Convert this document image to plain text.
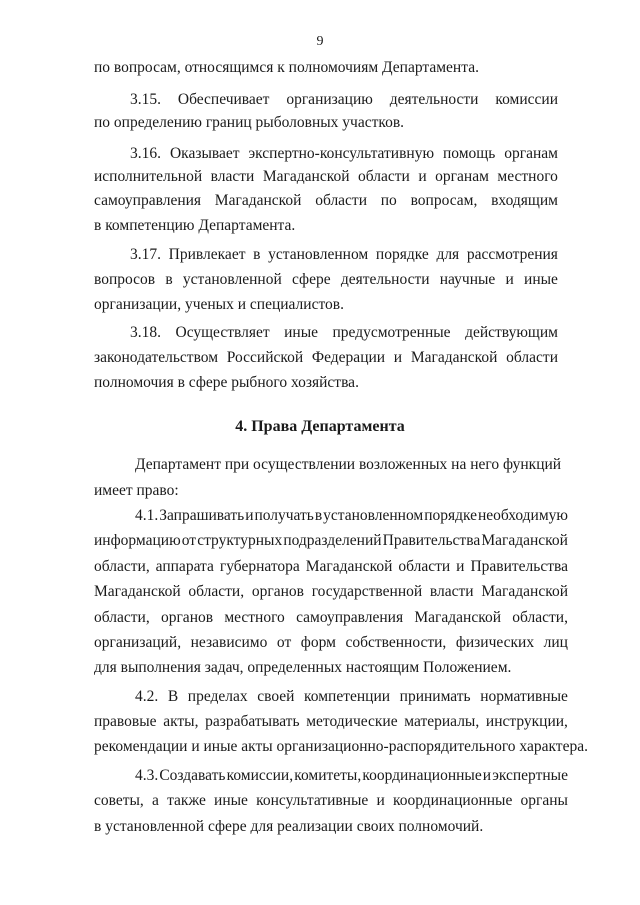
9
по вопросам, относящимся к полномочиям Департамента.
3.15. Обеспечивает организацию деятельности комиссии
по определению границ рыболовных участков.
3.16. Оказывает экспертно-консультативную помощь органам
исполнительной власти Магаданской области и органам местного
самоуправления Магаданской области по вопросам, входящим
в компетенцию Департамента.
3.17. Привлекает в установленном порядке для рассмотрения
вопросов в установленной сфере деятельности научные и иные
организации, ученых и специалистов.
3.18. Осуществляет иные предусмотренные действующим
законодательством Российской Федерации и Магаданской области
полномочия в сфере рыбного хозяйства.
4. Права Департамента
Департамент при осуществлении возложенных на него функций
имеет право:
4.1. Запрашивать и получать в установленном порядке необходимую
информацию от структурных подразделений Правительства Магаданской
области, аппарата губернатора Магаданской области и Правительства
Магаданской области, органов государственной власти Магаданской
области, органов местного самоуправления Магаданской области,
организаций, независимо от форм собственности, физических лиц
для выполнения задач, определенных настоящим Положением.
4.2. В пределах своей компетенции принимать нормативные
правовые акты, разрабатывать методические материалы, инструкции,
рекомендации и иные акты организационно-распорядительного характера.
4.3. Создавать комиссии, комитеты, координационные и экспертные
советы, а также иные консультативные и координационные органы
в установленной сфере для реализации своих полномочий.
